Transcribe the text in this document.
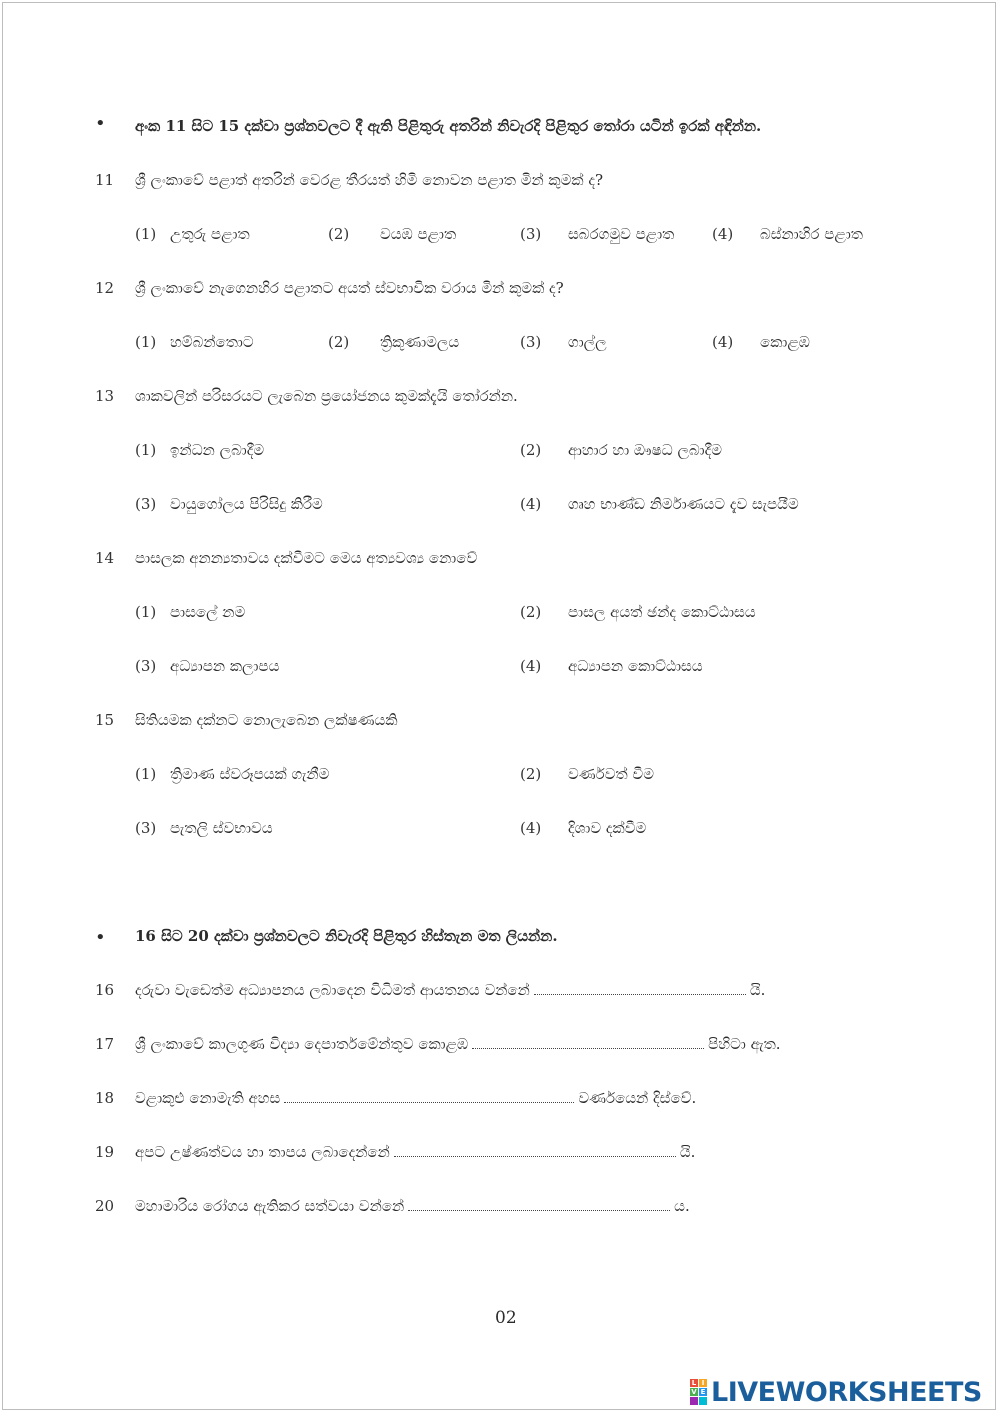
• අංක 11 සිට 15 දක්වා ප්‍රශ්නවලට දී ඇති පිළිතුරු අතරින් නිවැරදි පිළිතුර තෝරා යටින් ඉරක් අඳින්න.
11 ශ්‍රී ලංකාවේ පළාත් අතරින් වෙරළ තීරයත් හිමි නොවන පළාත මින් කුමක් ද?
(1) උතුරු පළාත	(2) වයඹ පළාත	(3) සබරගමුව පළාත	(4) බස්නාහිර පළාත
12 ශ්‍රී ලංකාවේ නැගෙනහිර පළාතට අයත් ස්වභාවික වරාය මින් කුමක් ද?
(1) හම්බන්තොට	(2) ත්‍රිකුණාමලය	(3) ගාල්ල	(4) කොළඹ
13 ශාකවලින් පරිසරයට ලැබෙන ප්‍රයෝජනය කුමක්දැයි තෝරන්න.
(1) ඉන්ධන ලබාදීම	(2) ආහාර හා ඖෂධ ලබාදීම
(3) වායුගෝලය පිරිසිදු කිරීම	(4) ගෘහ භාණ්ඩ නිර්මාණයට දැව සැපයීම
14 පාසලක අනන්‍යතාවය දක්වීමට මෙය අත්‍යවශ්‍ය නොවේ
(1) පාසලේ නම	(2) පාසල අයත් ඡන්ද කොට්ඨාසය
(3) අධ්‍යාපන කලාපය	(4) අධ්‍යාපන කොට්ඨාසය
15 සිතියමක දක්නට නොලැබෙන ලක්ෂණයකි
(1) ත්‍රිමාණ ස්වරූපයක් ගැනීම	(2) වර්ණවත් වීම
(3) පැතලි ස්වභාවය	(4) දිශාව දක්වීම
• 16 සිට 20 දක්වා ප්‍රශ්නවලට නිවැරදි පිළිතුර හිස්තැන මත ලියන්න.
16 දරුවා වැඩෙත්ම අධ්‍යාපනය ලබාදෙන විධිමත් ආයතනය වන්නේ	යි.
17 ශ්‍රී ලංකාවේ කාලගුණ විද්‍යා දෙපාර්තමේන්තුව කොළඹ	පිහිටා ඇත.
18 වළාකුළු නොමැති අහස	වර්ණයෙන් දිස්වේ.
19 අපට උෂ්ණත්වය හා තාපය ලබාදෙන්නේ	යි.
20 මහාමාරිය රෝගය ඇතිකර සත්වයා වන්නේ	ය.
02
L I
V E LIVEWORKSHEETS
